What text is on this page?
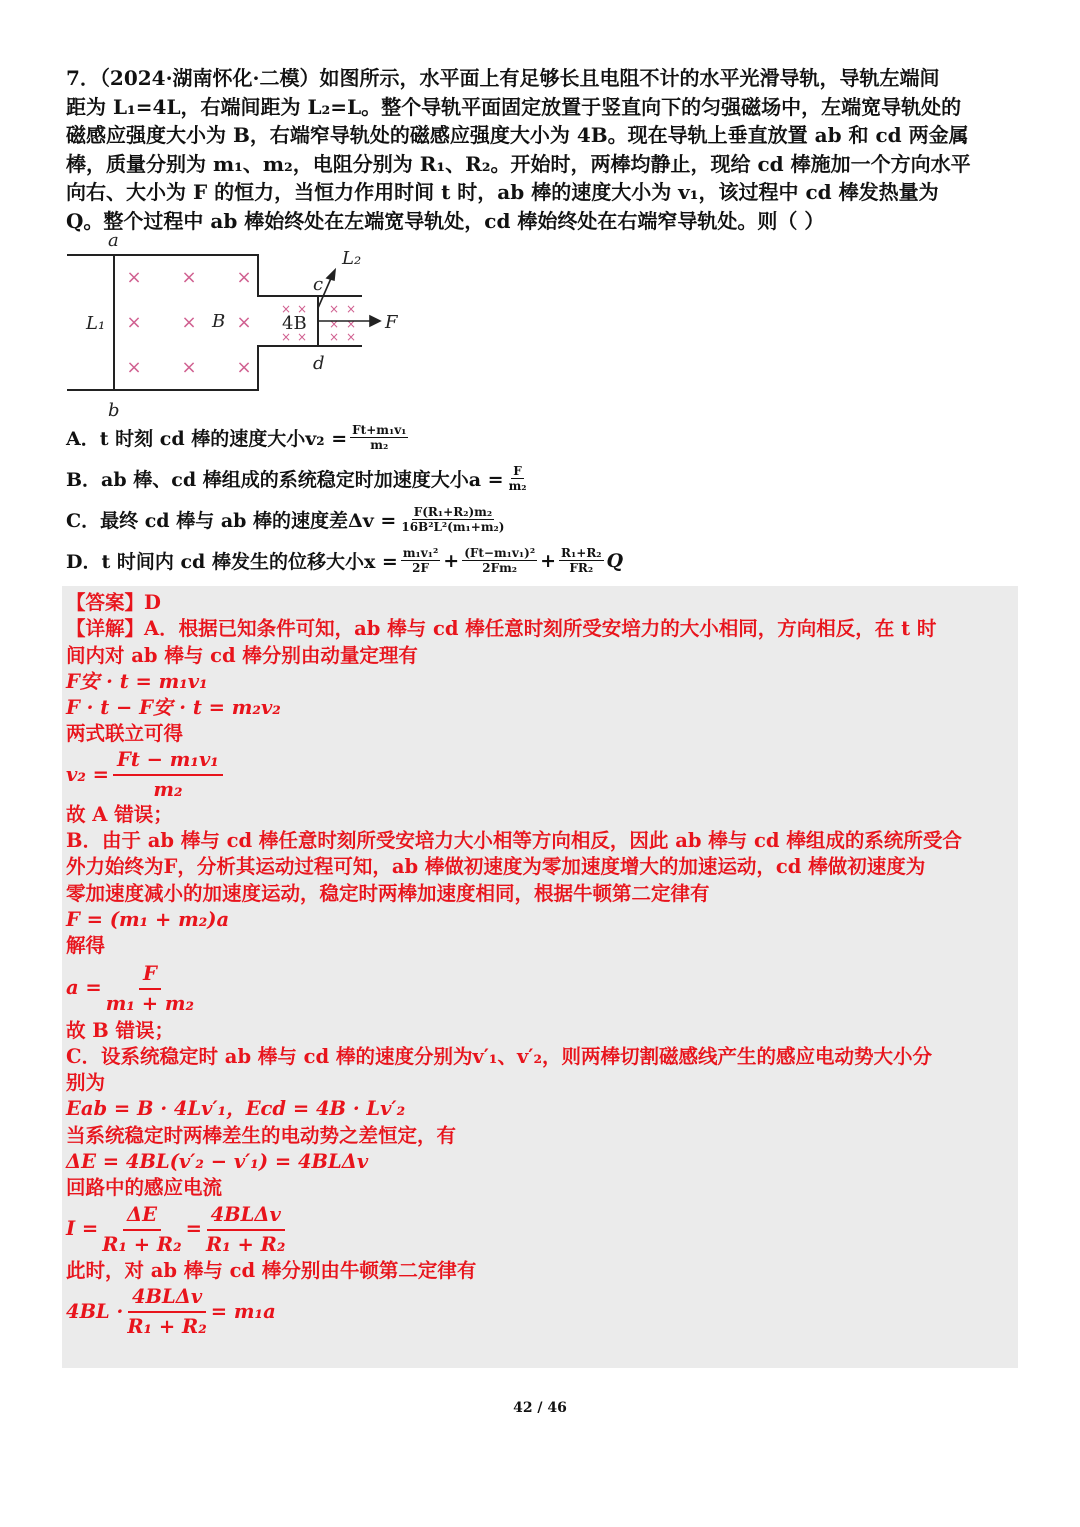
7．（2024·湖南怀化·二模）如图所示，水平面上有足够长且电阻不计的水平光滑导轨，导轨左端间

距为 L₁=4L，右端间距为 L₂=L。整个导轨平面固定放置于竖直向下的匀强磁场中，左端宽导轨处的

磁感应强度大小为 B，右端窄导轨处的磁感应强度大小为 4B。现在导轨上垂直放置 ab 和 cd 两金属

棒，质量分别为 m₁、m₂，电阻分别为 R₁、R₂。开始时，两棒均静止，现给 cd 棒施加一个方向水平

向右、大小为 F 的恒力，当恒力作用时间 t 时，ab 棒的速度大小为 v₁，该过程中 cd 棒发热量为

Q。整个过程中 ab 棒始终处在左端宽导轨处，cd 棒始终处在右端窄导轨处。则（ ）

× × ×
× × ×
× × ×
× × × ×
× ×
× ×
× ×
a
b
c
d
L₁
L₂
B	4B	F
A．t 时刻 cd 棒的速度大小$v_2 = \frac{\text{Ft+m₁v₁}}{\text{m₂}}$
B．ab 棒、cd 棒组成的系统稳定时加速度大小$a = \frac{F}{\text{m₂}}$
C．最终 cd 棒与 ab 棒的速度差$\Delta v = \frac{\text{F(R₁+R₂)m₂}}{\text{16B²L²(m₁+m₂)}}$
D．t 时间内 cd 棒发生的位移大小$x = \frac{\text{m₁v₁²}}{2F} + \frac{\text{(Ft−m₁v₁)²}}{\text{2Fm₂}} + \frac{\text{R₁+R₂}}{\text{FR₂}}$ Q

【答案】D

【详解】A．根据已知条件可知，ab 棒与 cd 棒任意时刻所受安培力的大小相同，方向相反，在 t 时

间内对 ab 棒与 cd 棒分别由动量定理有

F安 · t = m₁v₁

F · t − F安 · t = m₂v₂

两式联立可得

$v_2 = \frac{\text{Ft − m₁v₁}}{\text{m₂}}$

故 A 错误；

B．由于 ab 棒与 cd 棒任意时刻所受安培力大小相等方向相反，因此 ab 棒与 cd 棒组成的系统所受合

外力始终为F，分析其运动过程可知，ab 棒做初速度为零加速度增大的加速运动，cd 棒做初速度为

零加速度减小的加速度运动，稳定时两棒加速度相同，根据牛顿第二定律有

F = (m₁ + m₂)a

解得

$a = \frac{F}{\text{m₁ + m₂}}$

故 B 错误；

C．设系统稳定时 ab 棒与 cd 棒的速度分别为v′₁、v′₂，则两棒切割磁感线产生的感应电动势大小分

别为

Eab = B · 4Lv′₁，Ecd = 4B · Lv′₂

当系统稳定时两棒差生的电动势之差恒定，有

ΔE = 4BL(v′₂ − v′₁) = 4BLΔv

回路中的感应电流

$I = \frac{\Delta E}{\text{R₁ + R₂}}$ =
4BLΔv
R₁ + R₂

此时，对 ab 棒与 cd 棒分别由牛顿第二定律有

4BL ·
4BLΔv
R₁ + R₂
= m₁a

42 / 46
